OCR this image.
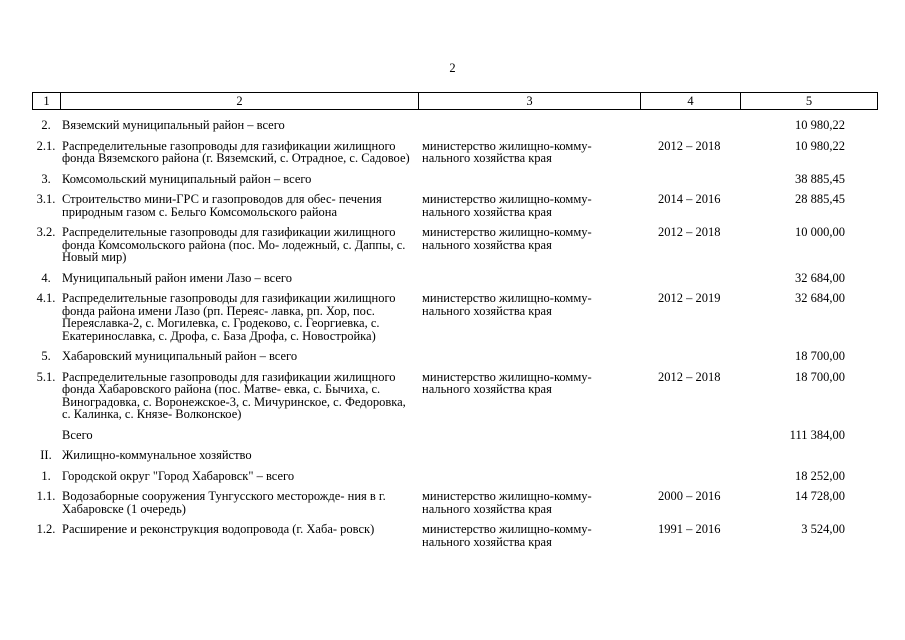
2
1	2	3	4	5
2.	Вяземский муниципальный район – всего			10 980,22
2.1.	Распределительные газопроводы для газификации жилищного фонда Вяземского района (г. Вяземский, с. Отрадное, с. Садовое)	министерство жилищно-комму- нального хозяйства края	2012 – 2018	10 980,22
3.	Комсомольский муниципальный район – всего			38 885,45
3.1.	Строительство мини-ГРС и газопроводов для обес- печения природным газом с. Бельго Комсомольского района	министерство жилищно-комму- нального хозяйства края	2014 – 2016	28 885,45
3.2.	Распределительные газопроводы для газификации жилищного фонда Комсомольского района (пос. Мо- лодежный, с. Даппы, с. Новый мир)	министерство жилищно-комму- нального хозяйства края	2012 – 2018	10 000,00
4.	Муниципальный район имени Лазо – всего			32 684,00
4.1.	Распределительные газопроводы для газификации жилищного фонда района имени Лазо (рп. Переяс- лавка, рп. Хор, пос. Переяславка-2, с. Могилевка, с. Гродеково, с. Георгиевка, с. Екатериноcлавка, с. Дрофа, с. База Дрофа, с. Новостройка)	министерство жилищно-комму- нального хозяйства края	2012 – 2019	32 684,00
5.	Хабаровский муниципальный район – всего			18 700,00
5.1.	Распределительные газопроводы для газификации жилищного фонда Хабаровского района (пос. Матве- евка, с. Бычиха, с. Виноградовка, с. Воронежское-3, с. Мичуринское, с. Федоровка, с. Калинка, с. Князе- Волконское)	министерство жилищно-комму- нального хозяйства края	2012 – 2018	18 700,00
	Всего			111 384,00
II.	Жилищно-коммунальное хозяйство			
1.	Городской округ "Город Хабаровск" – всего			18 252,00
1.1.	Водозаборные сооружения Тунгусского месторожде- ния в г. Хабаровске (1 очередь)	министерство жилищно-комму- нального хозяйства края	2000 – 2016	14 728,00
1.2.	Расширение и реконструкция водопровода (г. Хаба- ровск)	министерство жилищно-комму- нального хозяйства края	1991 – 2016	3 524,00
